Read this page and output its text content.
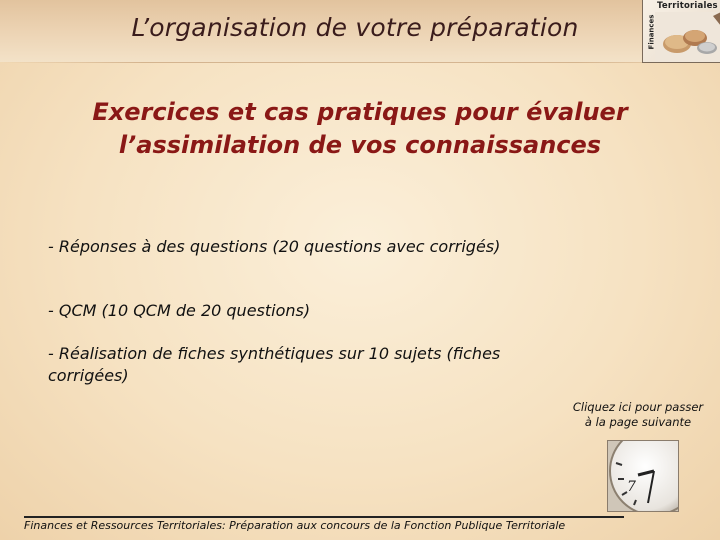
L’organisation de votre préparation
Territoriales
Finances
Exercices et cas pratiques pour évaluer
l’assimilation de vos connaissances
- Réponses à des questions (20 questions avec corrigés)
- QCM (10 QCM de 20 questions)
- Réalisation de fiches synthétiques sur 10 sujets (fiches corrigées)
Cliquez ici pour passer
à la page suivante
7
Finances et Ressources Territoriales: Préparation aux concours de la Fonction Publique Territoriale
